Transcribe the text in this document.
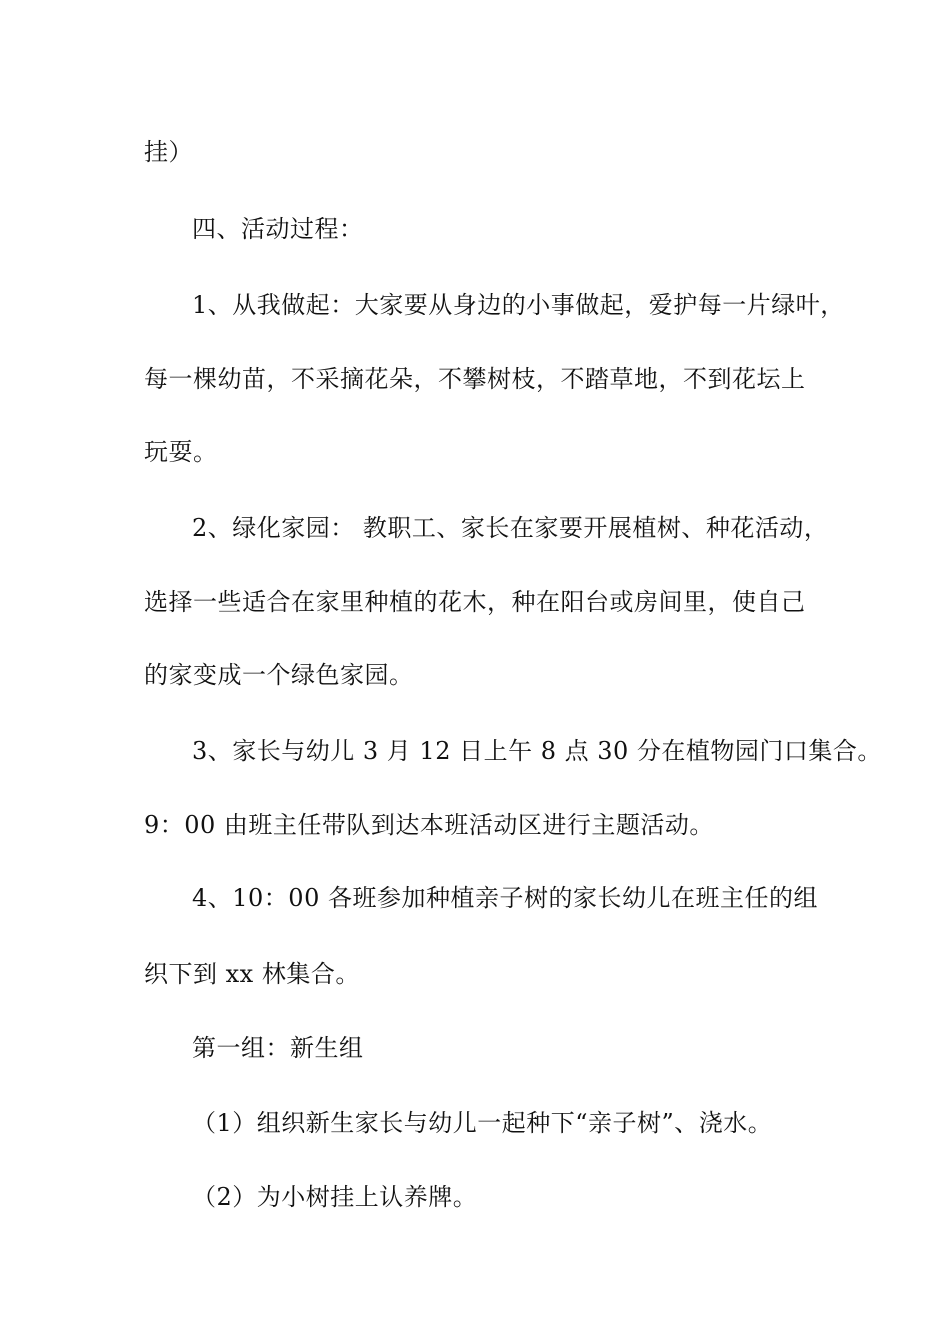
挂）
四、活动过程：
1、从我做起：大家要从身边的小事做起，爱护每一片绿叶，
每一棵幼苗，不采摘花朵，不攀树枝，不踏草地，不到花坛上
玩耍。
2、绿化家园： 教职工、家长在家要开展植树、种花活动，
选择一些适合在家里种植的花木，种在阳台或房间里，使自己
的家变成一个绿色家园。
3、家长与幼儿 3 月 12 日上午 8 点 30 分在植物园门口集合。
9：00 由班主任带队到达本班活动区进行主题活动。
4、10：00 各班参加种植亲子树的家长幼儿在班主任的组
织下到 xx 林集合。
第一组：新生组
（1）组织新生家长与幼儿一起种下“亲子树”、浇水。
（2）为小树挂上认养牌。
